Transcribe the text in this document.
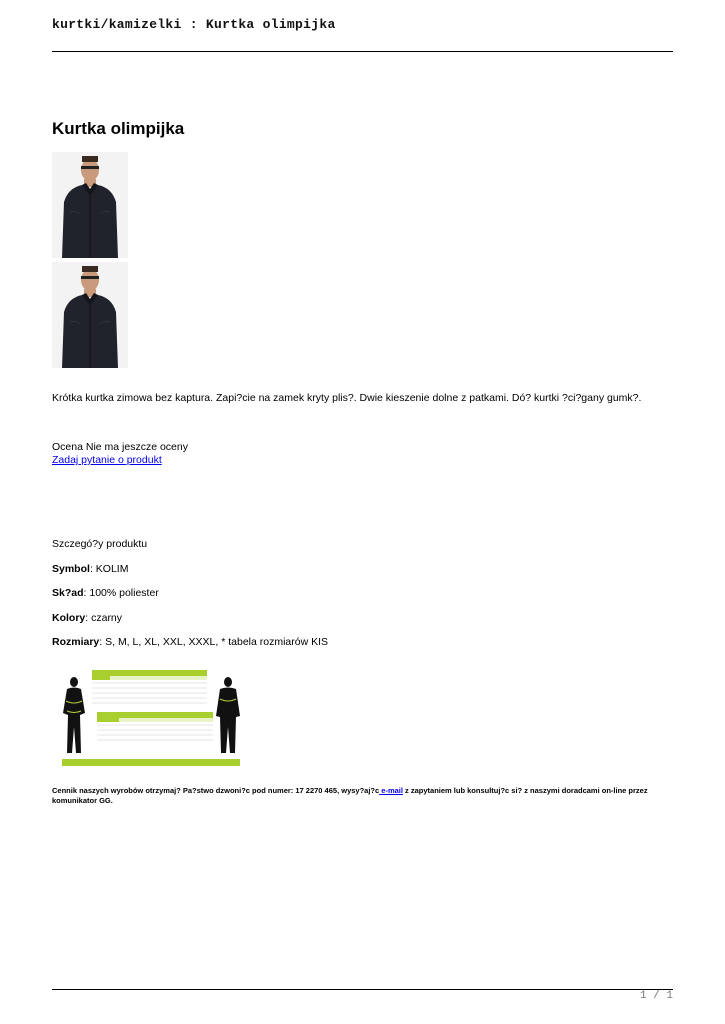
kurtki/kamizelki : Kurtka olimpijka
Kurtka olimpijka
Krótka kurtka zimowa bez kaptura. Zapi?cie na zamek kryty plis?. Dwie kieszenie dolne z patkami. Dó? kurtki ?ci?gany gumk?.
Ocena Nie ma jeszcze oceny
Zadaj pytanie o produkt
Szczegó?y produktu
Symbol: KOLIM
Sk?ad: 100% poliester
Kolory: czarny
Rozmiary: S, M, L, XL, XXL, XXXL, * tabela rozmiarów KIS
Cennik naszych wyrobów otrzymaj? Pa?stwo dzwoni?c pod numer: 17 2270 465, wysy?aj?c e-mail z zapytaniem lub konsultuj?c si? z naszymi doradcami on-line przez komunikator GG.
1 / 1
